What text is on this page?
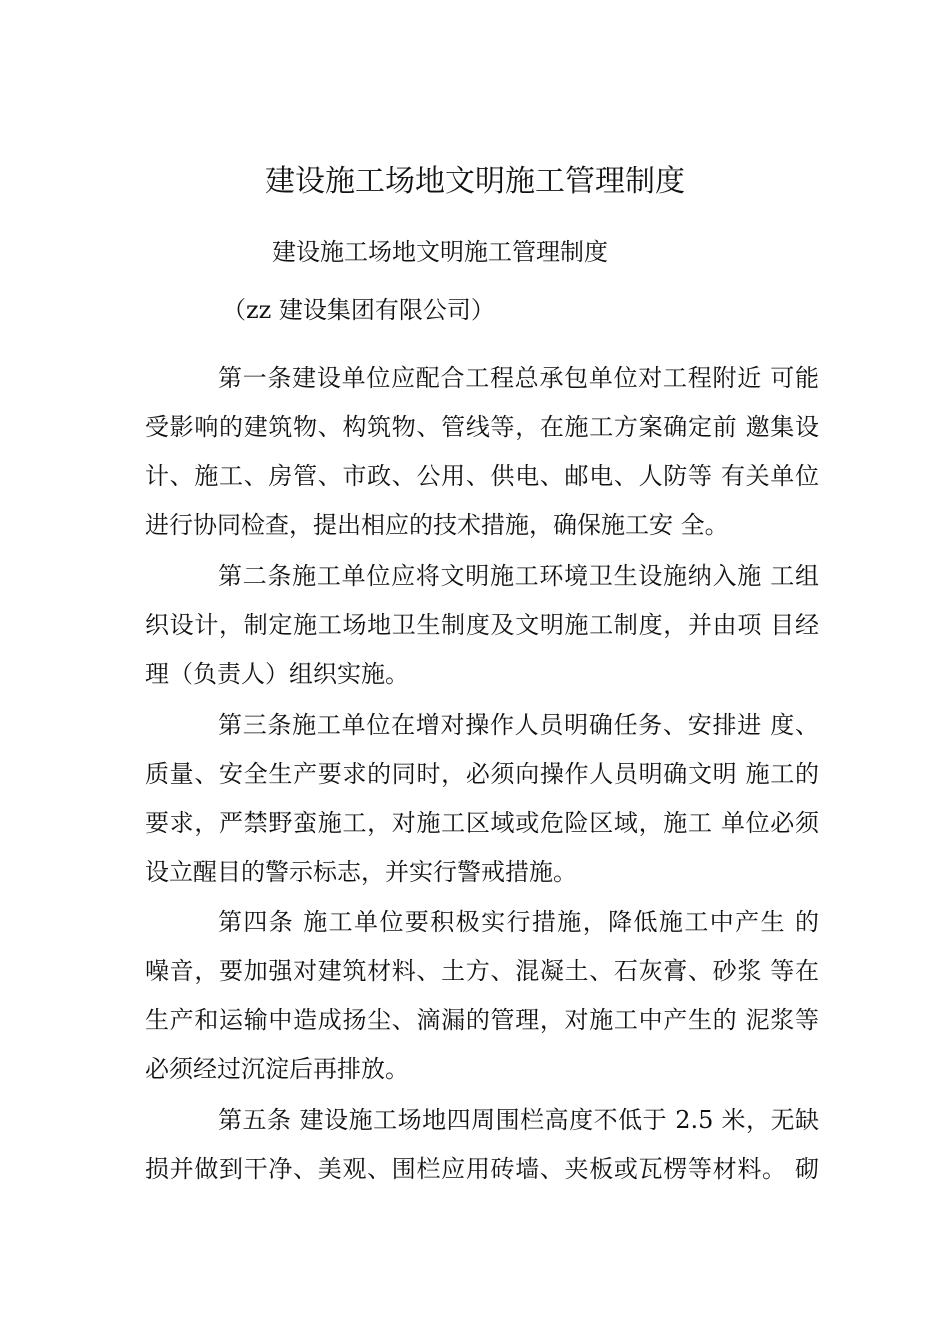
建设施工场地文明施工管理制度
建设施工场地文明施工管理制度
（zz 建设集团有限公司）
第一条建设单位应配合工程总承包单位对工程附近 可能
受影响的建筑物、构筑物、管线等，在施工方案确定前 邀集设
计、施工、房管、市政、公用、供电、邮电、人防等 有关单位
进行协同检查，提出相应的技术措施，确保施工安 全。
第二条施工单位应将文明施工环境卫生设施纳入施 工组
织设计，制定施工场地卫生制度及文明施工制度，并由项 目经
理（负责人）组织实施。
第三条施工单位在增对操作人员明确任务、安排进 度、
质量、安全生产要求的同时，必须向操作人员明确文明 施工的
要求，严禁野蛮施工，对施工区域或危险区域，施工 单位必须
设立醒目的警示标志，并实行警戒措施。
第四条 施工单位要积极实行措施，降低施工中产生 的
噪音，要加强对建筑材料、土方、混凝土、石灰膏、砂浆 等在
生产和运输中造成扬尘、滴漏的管理，对施工中产生的 泥浆等
必须经过沉淀后再排放。
第五条 建设施工场地四周围栏高度不低于 2.5 米，无缺
损并做到干净、美观、围栏应用砖墙、夹板或瓦楞等材料。 砌
